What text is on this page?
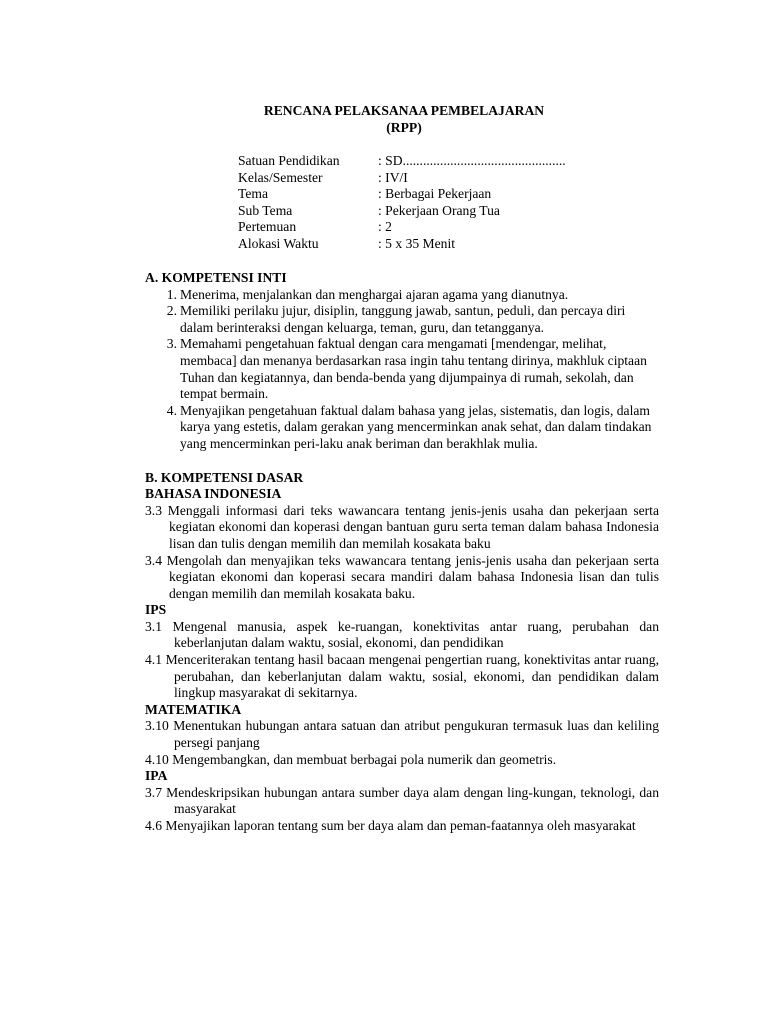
RENCANA PELAKSANAA PEMBELAJARAN
(RPP)
Satuan Pendidikan	: SD................................................
Kelas/Semester	: IV/I
Tema	: Berbagai Pekerjaan
Sub Tema	: Pekerjaan Orang Tua
Pertemuan	: 2
Alokasi Waktu	: 5 x 35 Menit
A. KOMPETENSI INTI
1. Menerima, menjalankan dan menghargai ajaran agama yang dianutnya.
2. Memiliki perilaku jujur, disiplin, tanggung jawab, santun, peduli, dan percaya diri dalam berinteraksi dengan keluarga, teman, guru, dan tetangganya.
3. Memahami pengetahuan faktual dengan cara mengamati [mendengar, melihat, membaca] dan menanya berdasarkan rasa ingin tahu tentang dirinya, makhluk ciptaan Tuhan dan kegiatannya, dan benda-benda yang dijumpainya di rumah, sekolah, dan tempat bermain.
4. Menyajikan pengetahuan faktual dalam bahasa yang jelas, sistematis, dan logis, dalam karya yang estetis, dalam gerakan yang mencerminkan anak sehat, dan dalam tindakan yang mencerminkan peri-laku anak beriman dan berakhlak mulia.
B. KOMPETENSI DASAR
BAHASA INDONESIA
3.3 Menggali informasi dari teks wawancara tentang jenis-jenis usaha dan pekerjaan serta kegiatan ekonomi dan koperasi dengan bantuan guru serta teman dalam bahasa Indonesia lisan dan tulis dengan memilih dan memilah kosakata baku
3.4 Mengolah dan menyajikan teks wawancara tentang jenis-jenis usaha dan pekerjaan serta kegiatan ekonomi dan koperasi secara mandiri dalam bahasa Indonesia lisan dan tulis dengan memilih dan memilah kosakata baku.
IPS
3.1 Mengenal manusia, aspek ke-ruangan, konektivitas antar ruang, perubahan dan keberlanjutan dalam waktu, sosial, ekonomi, dan pendidikan
4.1 Menceriterakan tentang hasil bacaan mengenai pengertian ruang, konektivitas antar ruang, perubahan, dan keberlanjutan dalam waktu, sosial, ekonomi, dan pendidikan dalam lingkup masyarakat di sekitarnya.
MATEMATIKA
3.10 Menentukan hubungan antara satuan dan atribut pengukuran termasuk luas dan keliling persegi panjang
4.10 Mengembangkan, dan membuat berbagai pola numerik dan geometris.
IPA
3.7 Mendeskripsikan hubungan antara sumber daya alam dengan ling-kungan, teknologi, dan masyarakat
4.6 Menyajikan laporan tentang sum ber daya alam dan peman-faatannya oleh masyarakat
